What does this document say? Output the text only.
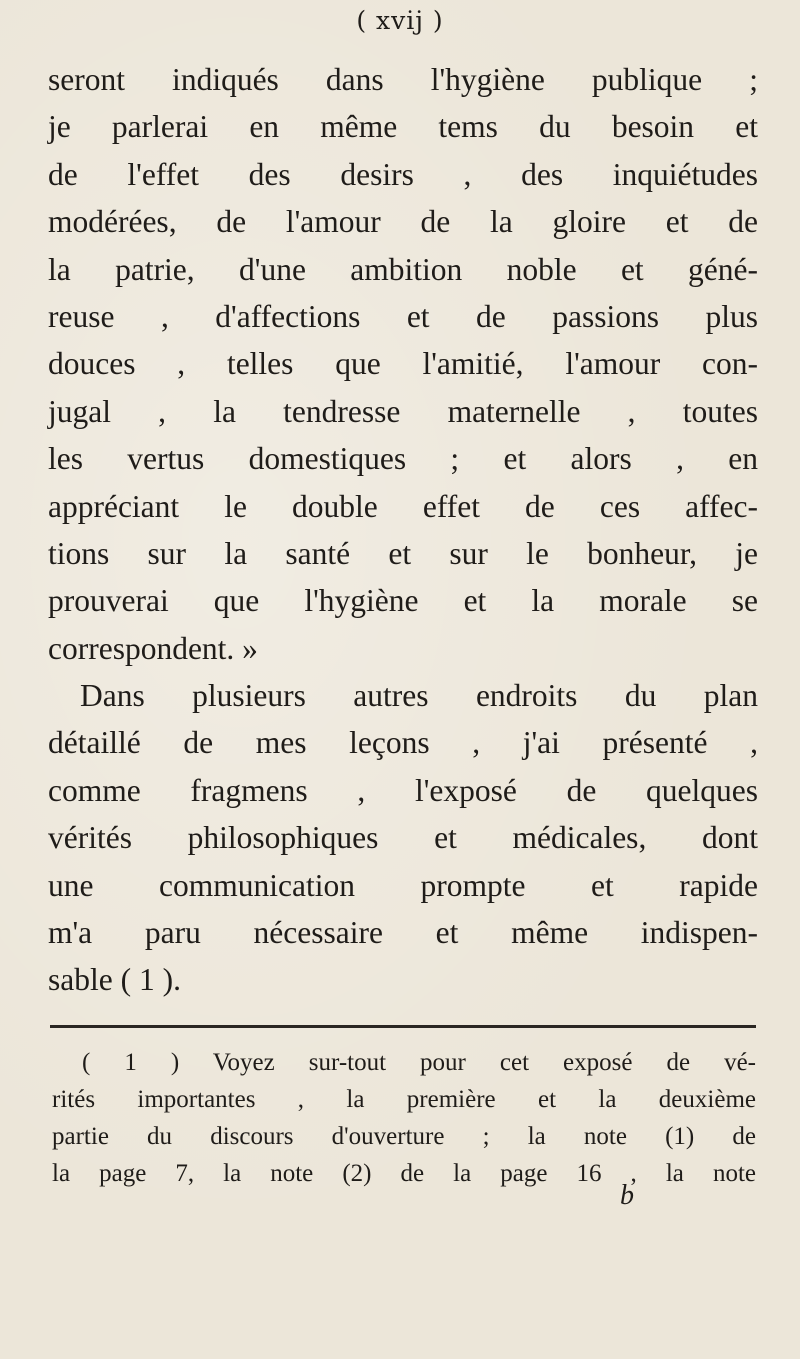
( xvij )
seront indiqués dans l'hygiène publique ;
je parlerai en même tems du besoin et
de l'effet des desirs , des inquiétudes
modérées, de l'amour de la gloire et de
la patrie, d'une ambition noble et géné-
reuse , d'affections et de passions plus
douces , telles que l'amitié, l'amour con-
jugal , la tendresse maternelle , toutes
les vertus domestiques ; et alors , en
appréciant le double effet de ces affec-
tions sur la santé et sur le bonheur, je
prouverai que l'hygiène et la morale se
correspondent. »
Dans plusieurs autres endroits du plan
détaillé de mes leçons , j'ai présenté ,
comme fragmens , l'exposé de quelques
vérités philosophiques et médicales, dont
une communication prompte et rapide
m'a paru nécessaire et même indispen-
sable ( 1 ).
( 1 ) Voyez sur-tout pour cet exposé de vé-
rités importantes , la première et la deuxième
partie du discours d'ouverture ; la note (1) de
la page 7, la note (2) de la page 16 , la note
b
